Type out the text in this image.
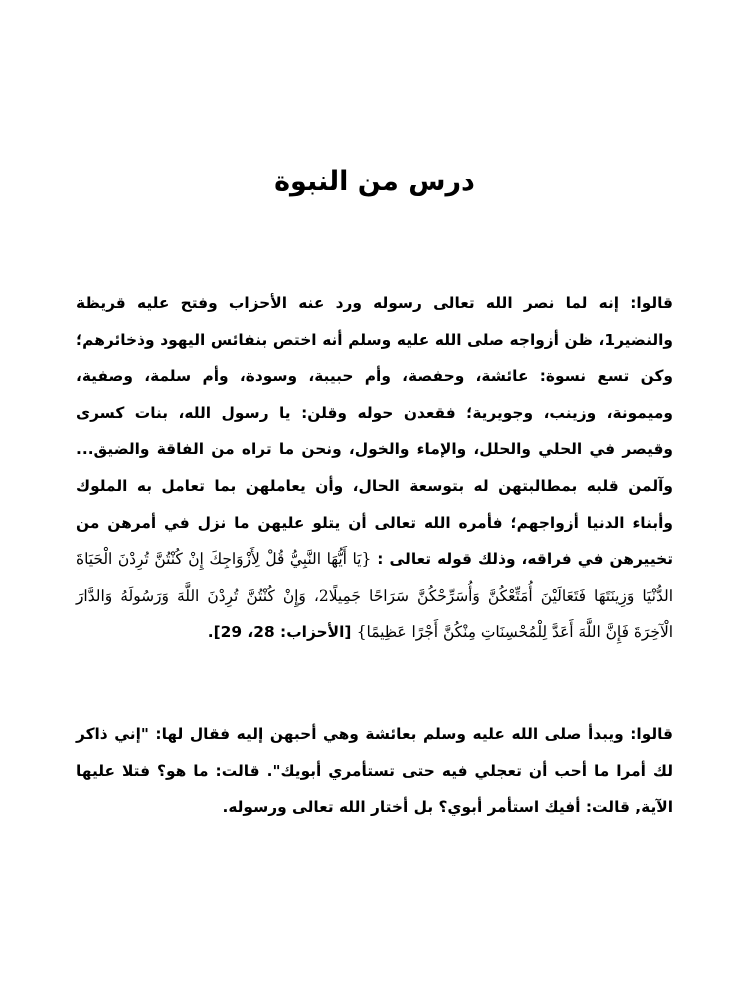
درس من النبوة

قالوا: إنه لما نصر الله تعالى رسوله ورد عنه الأحزاب وفتح عليه قريظة والنضير1، ظن أزواجه صلى الله عليه وسلم أنه اختص بنفائس اليهود وذخائرهم؛ وكن تسع نسوة: عائشة، وحفصة، وأم حبيبة، وسودة، وأم سلمة، وصفية، وميمونة، وزينب، وجويرية؛ فقعدن حوله وقلن: يا رسول الله، بنات كسرى وقيصر في الحلي والحلل، والإماء والخول، ونحن ما تراه من الفاقة والضيق... وآلمن قلبه بمطالبتهن له بتوسعة الحال، وأن يعاملهن بما تعامل به الملوك وأبناء الدنيا أزواجهم؛ فأمره الله تعالى أن يتلو عليهن ما نزل في أمرهن من تخييرهن في فراقه، وذلك قوله تعالى : {يَا أَيُّهَا النَّبِيُّ قُلْ لِأَزْوَاجِكَ إِنْ كُنْتُنَّ تُرِدْنَ الْحَيَاةَ الدُّنْيَا وَزِينَتَهَا فَتَعَالَيْنَ أُمَتِّعْكُنَّ وَأُسَرِّحْكُنَّ سَرَاحًا جَمِيلًا2، وَإِنْ كُنْتُنَّ تُرِدْنَ اللَّهَ وَرَسُولَهُ وَالدَّارَ الْآخِرَةَ فَإِنَّ اللَّهَ أَعَدَّ لِلْمُحْسِنَاتِ مِنْكُنَّ أَجْرًا عَظِيمًا} [الأحزاب: 28، 29].

قالوا: ويبدأ صلى الله عليه وسلم بعائشة وهي أحبهن إليه فقال لها: "إني ذاكر لك أمرا ما أحب أن تعجلي فيه حتى تستأمري أبويك". قالت: ما هو؟ فتلا عليها الآية, قالت: أفيك استأمر أبوي؟ بل أختار الله تعالى ورسوله.
